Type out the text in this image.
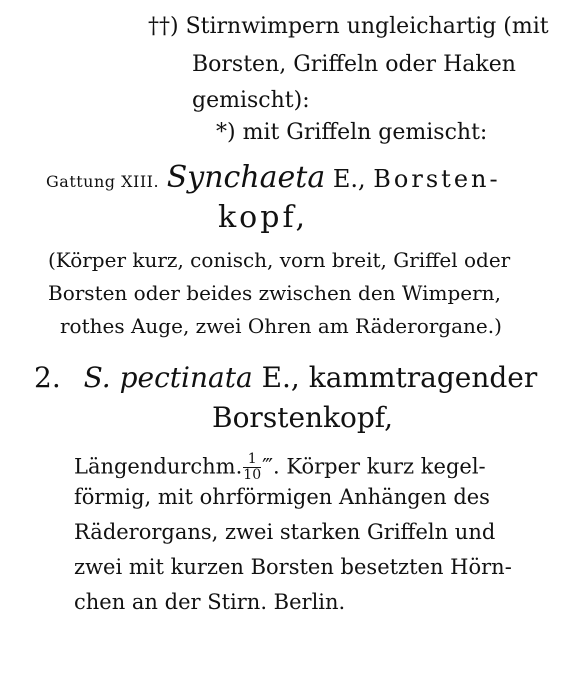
††) Stirnwimpern ungleichartig (mit
Borsten, Griffeln oder Haken
gemischt):
*) mit Griffeln gemischt:
Gattung XIII. Synchaeta E., Borsten-
kopf,
(Körper kurz, conisch, vorn breit, Griffel oder
Borsten oder beides zwischen den Wimpern,
rothes Auge, zwei Ohren am Räderorgane.)
2. S. pectinata E., kammtragender
Borstenkopf,
Längendurchm. $\frac{1}{10}$ ‴. Körper kurz kegel-
förmig, mit ohrförmigen Anhängen des
Räderorgans, zwei starken Griffeln und
zwei mit kurzen Borsten besetzten Hörn-
chen an der Stirn. Berlin.
